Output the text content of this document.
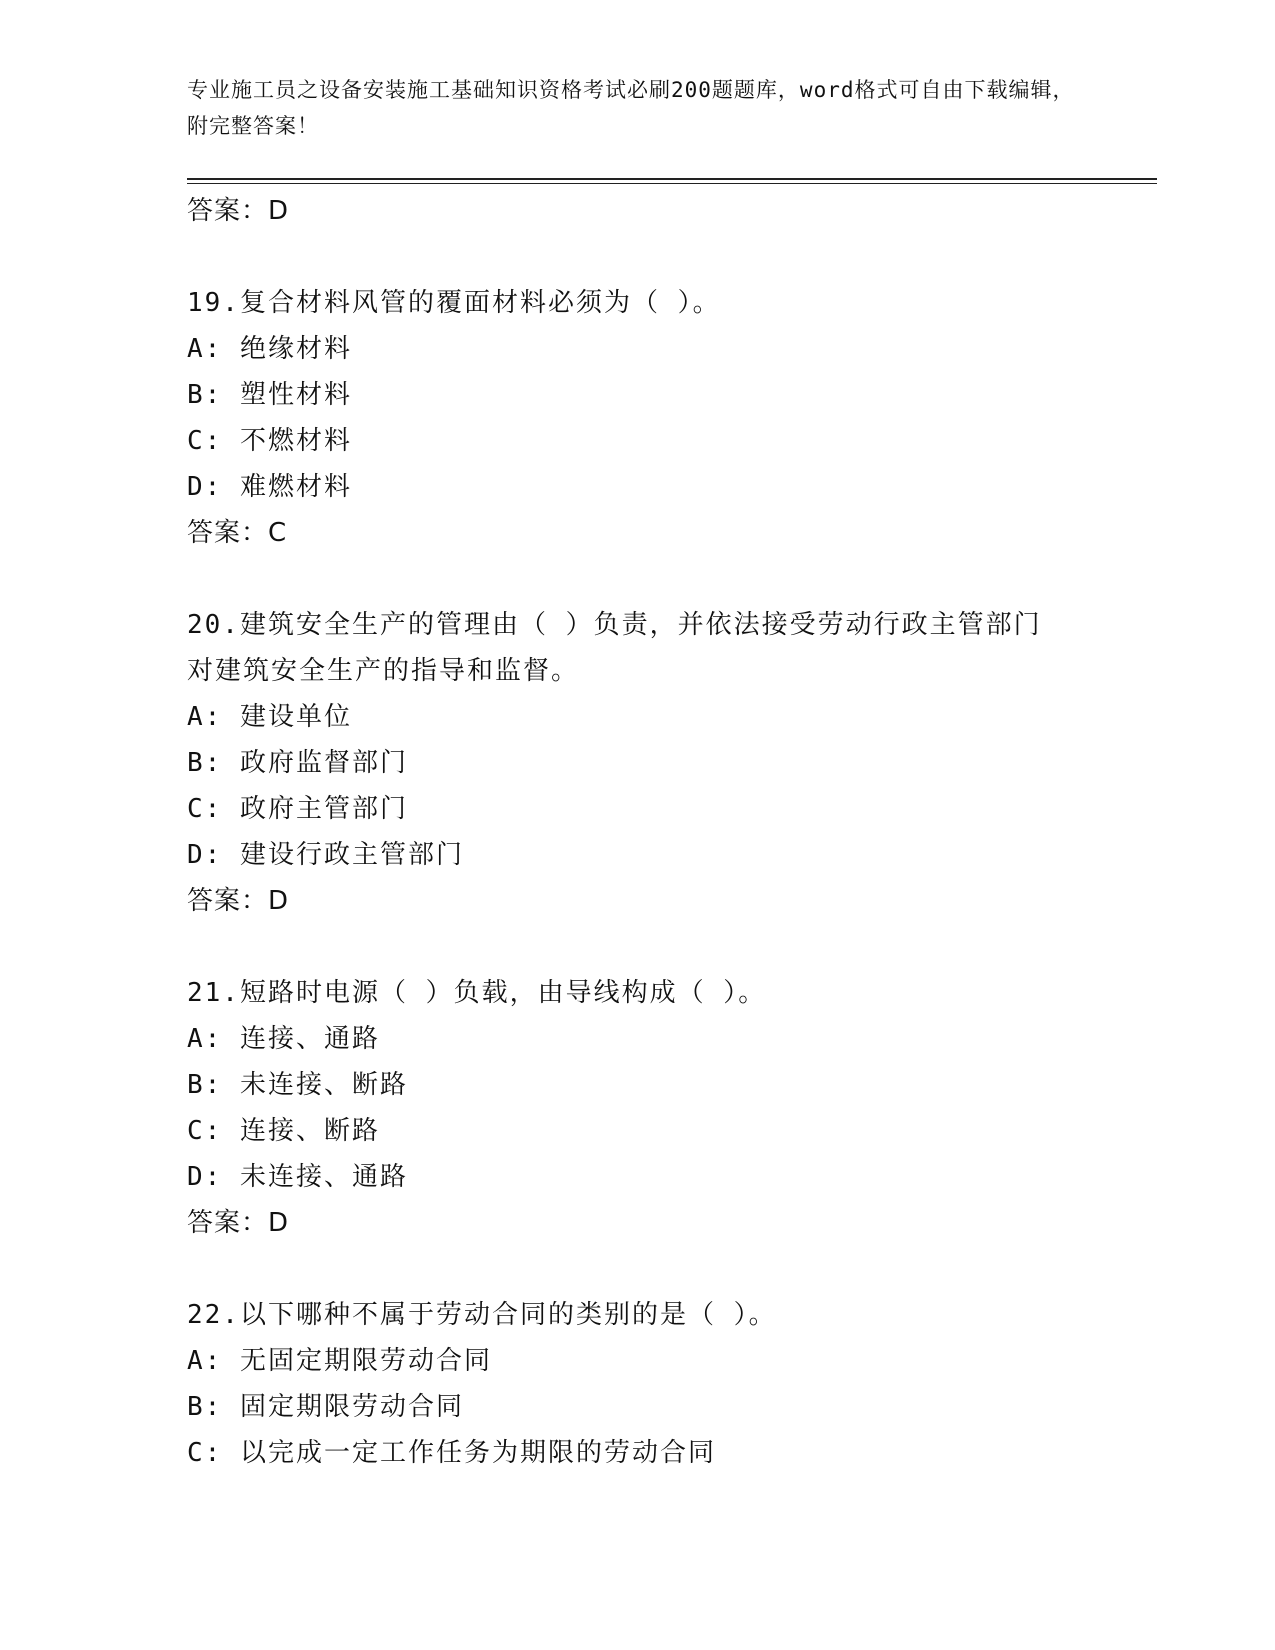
专业施工员之设备安装施工基础知识资格考试必刷200题题库，word格式可自由下载编辑，附完整答案！
答案：D
19.复合材料风管的覆面材料必须为（ ）。
A: 绝缘材料
B: 塑性材料
C: 不燃材料
D: 难燃材料
答案：C
20.建筑安全生产的管理由（ ）负责，并依法接受劳动行政主管部门
对建筑安全生产的指导和监督。
A: 建设单位
B: 政府监督部门
C: 政府主管部门
D: 建设行政主管部门
答案：D
21.短路时电源（ ）负载，由导线构成（ ）。
A: 连接、通路
B: 未连接、断路
C: 连接、断路
D: 未连接、通路
答案：D
22.以下哪种不属于劳动合同的类别的是（ ）。
A: 无固定期限劳动合同
B: 固定期限劳动合同
C: 以完成一定工作任务为期限的劳动合同
